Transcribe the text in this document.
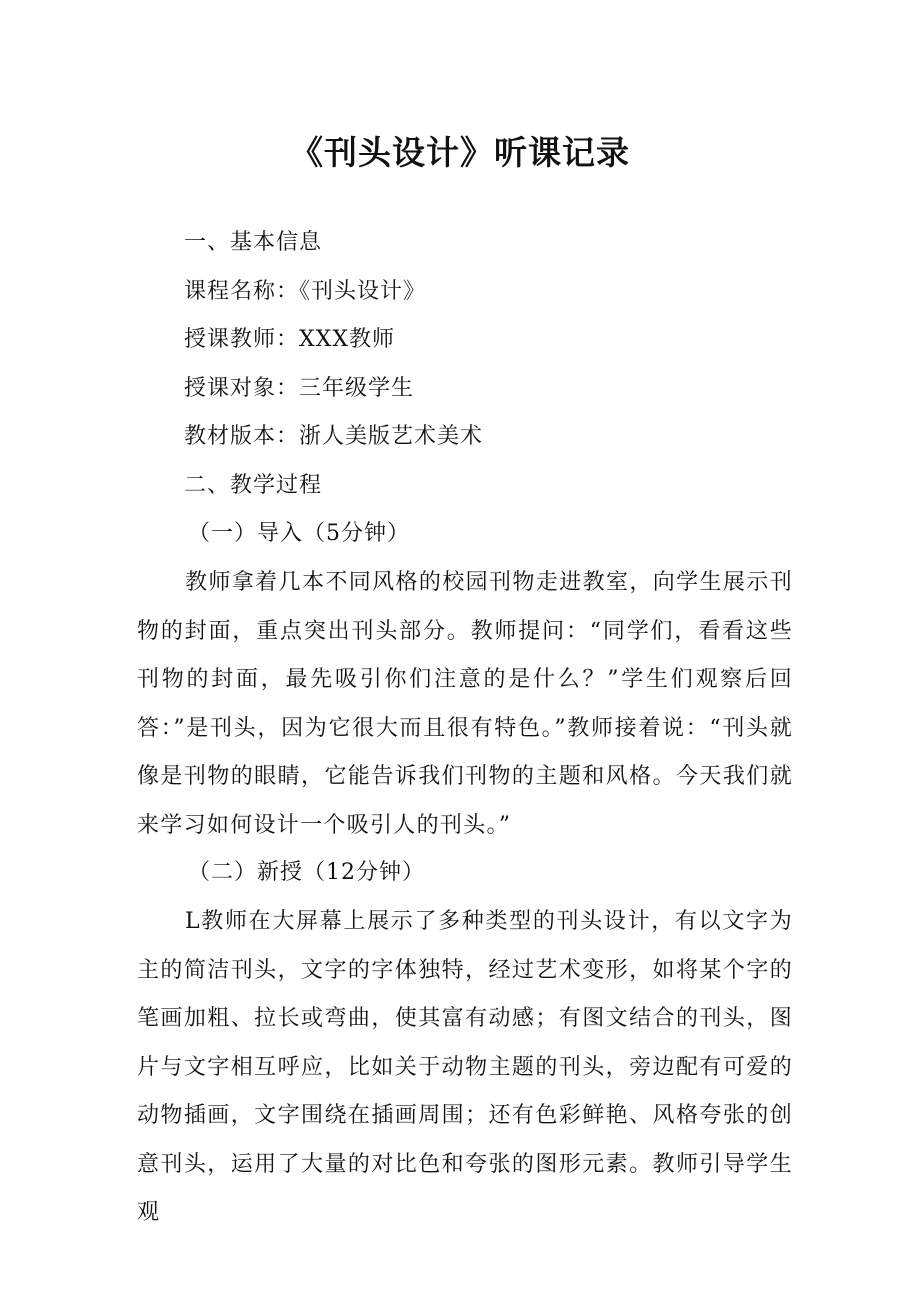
《刊头设计》听课记录

一、基本信息

课程名称：《刊头设计》

授课教师：XXX教师

授课对象：三年级学生

教材版本：浙人美版艺术美术

二、教学过程

（一）导入（5分钟）

教师拿着几本不同风格的校园刊物走进教室，向学生展示刊物的封面，重点突出刊头部分。教师提问：“同学们，看看这些刊物的封面，最先吸引你们注意的是什么？”学生们观察后回答：”是刊头，因为它很大而且很有特色。”教师接着说：“刊头就像是刊物的眼睛，它能告诉我们刊物的主题和风格。今天我们就来学习如何设计一个吸引人的刊头。”

（二）新授（12分钟）

L教师在大屏幕上展示了多种类型的刊头设计，有以文字为主的简洁刊头，文字的字体独特，经过艺术变形，如将某个字的笔画加粗、拉长或弯曲，使其富有动感；有图文结合的刊头，图片与文字相互呼应，比如关于动物主题的刊头，旁边配有可爱的动物插画，文字围绕在插画周围；还有色彩鲜艳、风格夸张的创意刊头，运用了大量的对比色和夸张的图形元素。教师引导学生观
